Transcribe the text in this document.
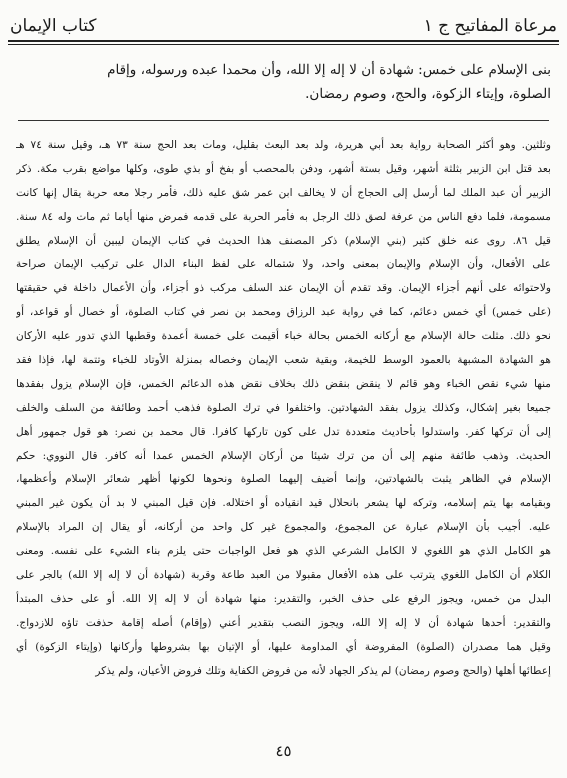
مرعاة المفاتيح ج ١
كتاب الإيمان

بنى الإسلام على خمس: شهادة أن لا إله إلا الله، وأن محمدا عبده ورسوله، وإقام

الصلوة، وإيتاء الزكوة، والحج، وصوم رمضان.

وثلثين. وهو أكثر الصحابة رواية بعد أبي هريرة، ولد بعد البعث بقليل، ومات بعد الحج سنة ٧٣ هـ، وقيل سنة ٧٤ هـ
بعد قتل ابن الزبير بثلثة أشهر، وقيل بستة أشهر، ودفن بالمحصب أو بفخ أو بذي طوى، وكلها مواضع بقرب مكة. ذكر
الزبير أن عبد الملك لما أرسل إلى الحجاج أن لا يخالف ابن عمر شق عليه ذلك، فأمر رجلا معه حربة يقال إنها كانت
مسمومة، فلما دفع الناس من عرفة لصق ذلك الرجل به فأمر الحربة على قدمه فمرض منها أياما ثم مات وله ٨٤ سنة.
قيل ٨٦. روى عنه خلق كثير (بني الإسلام) ذكر المصنف هذا الحديث في كتاب الإيمان ليبين أن الإسلام يطلق
على الأفعال، وأن الإسلام والإيمان بمعنى واحد، ولا شتماله على لفظ البناء الدال على تركيب الإيمان صراحة
ولاحتوائه على أنهم أجزاء الإيمان. وقد تقدم أن الإيمان عند السلف مركب ذو أجزاء، وأن الأعمال داخلة في حقيقتها
(على خمس) أي خمس دعائم، كما في رواية عبد الرزاق ومحمد بن نصر في كتاب الصلوة، أو خصال أو قواعد، أو
نحو ذلك. مثلت حالة الإسلام مع أركانه الخمس بحالة خباء أقيمت على خمسة أعمدة وقطبها الذي تدور عليه الأركان
هو الشهادة المشبهة بالعمود الوسط للخيمة، وبقية شعب الإيمان وخصاله بمنزلة الأوتاد للخباء وتتمة لها، فإذا فقد
منها شيء نقص الخباء وهو قائم لا ينقض بنقض ذلك بخلاف نقض هذه الدعائم الخمس، فإن الإسلام يزول بفقدها
جميعا بغير إشكال، وكذلك يزول بفقد الشهادتين. واختلفوا في ترك الصلوة فذهب أحمد وطائفة من السلف والخلف
إلى أن تركها كفر. واستدلوا بأحاديث متعددة تدل على كون تاركها كافرا. قال محمد بن نصر: هو قول جمهور أهل
الحديث. وذهب طائفة منهم إلى أن من ترك شيئا من أركان الإسلام الخمس عمدا أنه كافر. قال النووي: حكم
الإسلام في الظاهر يثبت بالشهادتين، وإنما أضيف إليهما الصلوة ونحوها لكونها أظهر شعائر الإسلام وأعظمها،
وبقيامه بها يتم إسلامه، وتركه لها يشعر بانحلال قيد انقياده أو اختلاله. فإن قيل المبني لا بد أن يكون غير المبني
عليه. أجيب بأن الإسلام عبارة عن المجموع، والمجموع غير كل واحد من أركانه، أو يقال إن المراد بالإسلام
هو الكامل الذي هو اللغوي لا الكامل الشرعي الذي هو فعل الواجبات حتى يلزم بناء الشيء على نفسه. ومعنى
الكلام أن الكامل اللغوي يترتب على هذه الأفعال مقبولا من العبد طاعة وقربة (شهادة أن لا إله إلا الله) بالجر على
البدل من خمس، ويجوز الرفع على حذف الخبر، والتقدير: منها شهادة أن لا إله إلا الله. أو على حذف المبتدأ
والتقدير: أحدها شهادة أن لا إله إلا الله، ويجوز النصب بتقدير أعني (وإقام) أصله إقامة حذفت تاؤه للازدواج.
وقيل هما مصدران (الصلوة) المفروضة أي المداومة عليها، أو الإتيان بها بشروطها وأركانها (وإيتاء الزكوة) أي
إعطائها أهلها (والحج وصوم رمضان) لم يذكر الجهاد لأنه من فروض الكفاية وتلك فروض الأعيان، ولم يذكر
٤٥
